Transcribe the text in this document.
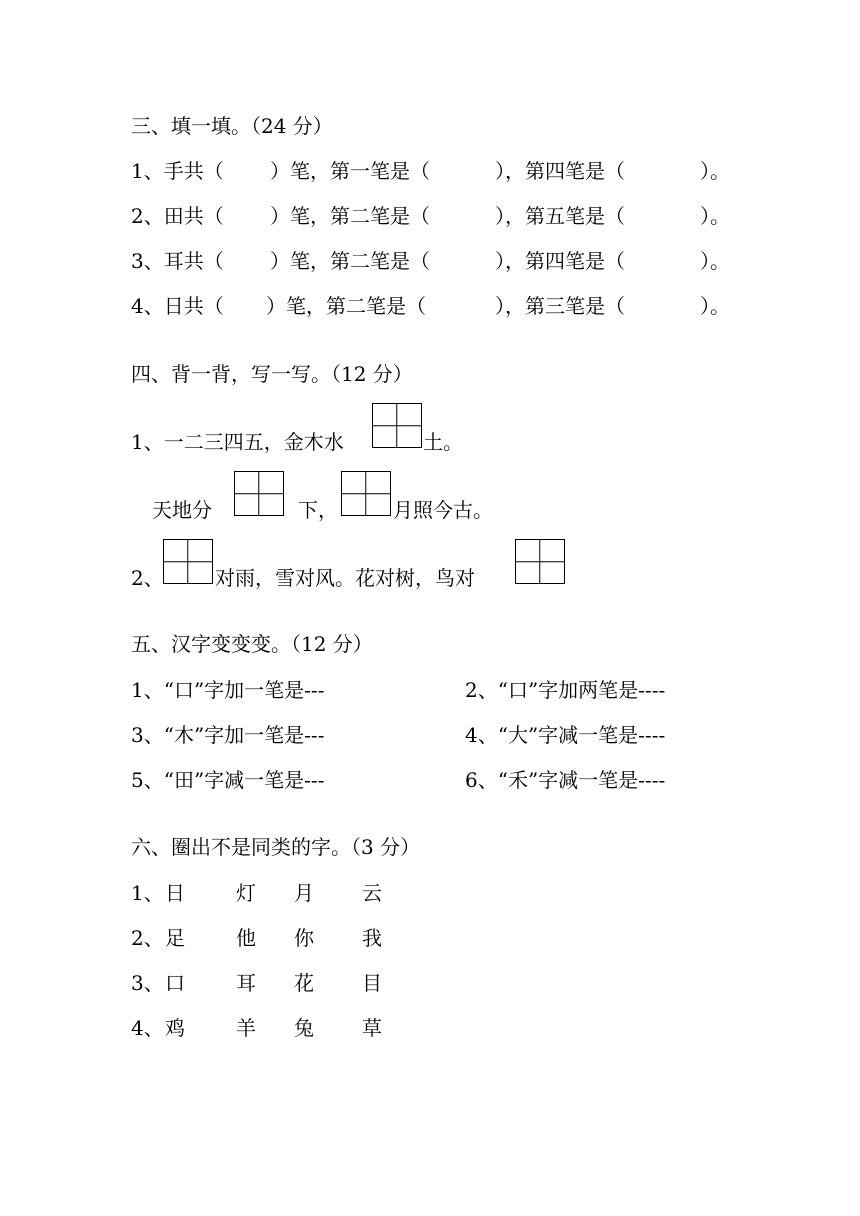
三、填一填。（24 分）
1、手共（ ）笔，第一笔是（	），第四笔是（	）。
2、田共（ ）笔，第二笔是（	），第五笔是（	）。
3、耳共（ ）笔，第二笔是（	），第四笔是（	）。
4、日共（ ）笔，第二笔是（	），第三笔是（	）。
四、背一背，写一写。（12 分）
1、一二三四五，金木水	土。
天地分	下，	月照今古。
2、	对雨，雪对风。花对树，鸟对
五、汉字变变变。（12 分）
1、“口”字加一笔是---	2、“口”字加两笔是----
3、“木”字加一笔是---	4、“大”字减一笔是----
5、“田”字减一笔是---	6、“禾”字减一笔是----
六、圈出不是同类的字。（3 分）
1、 日	灯 月 云
2、 足	他 你 我
3、 口	耳 花 目
4、 鸡	羊 兔 草
